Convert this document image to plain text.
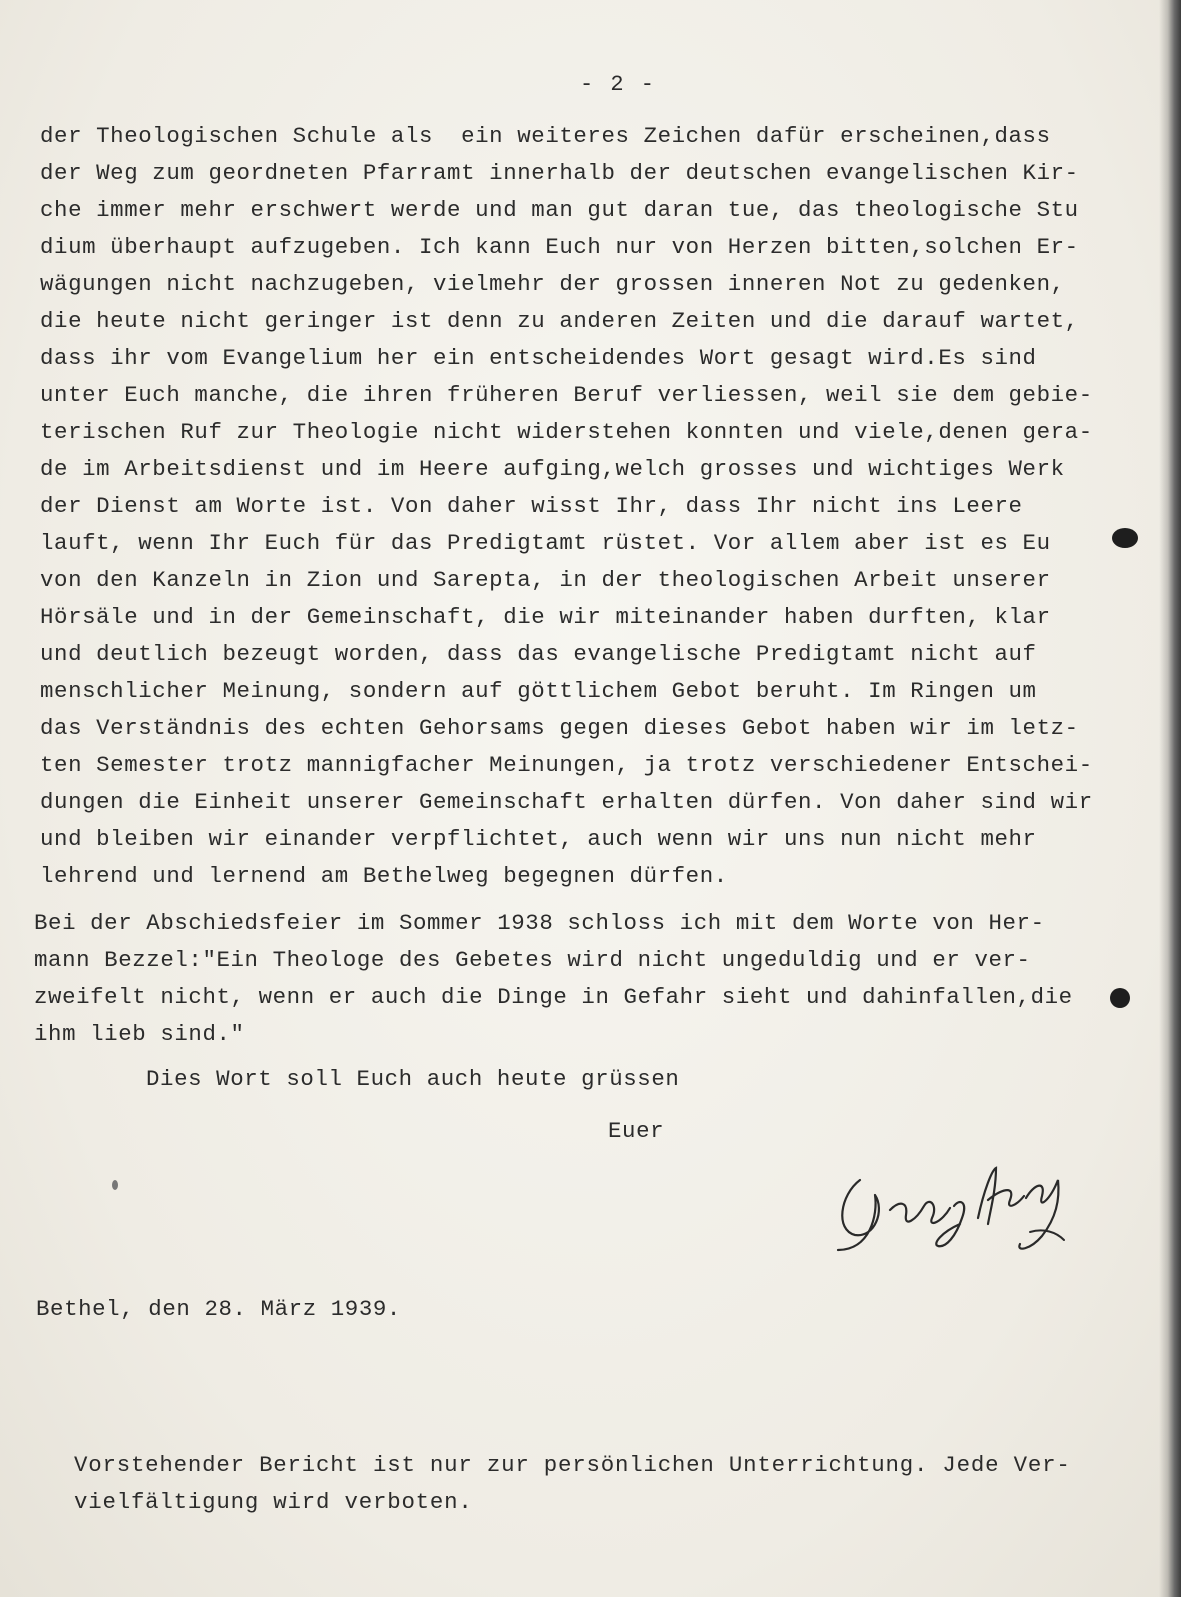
- 2 -
der Theologischen Schule als  ein weiteres Zeichen dafür erscheinen,dass
der Weg zum geordneten Pfarramt innerhalb der deutschen evangelischen Kir-
che immer mehr erschwert werde und man gut daran tue, das theologische Stu
dium überhaupt aufzugeben. Ich kann Euch nur von Herzen bitten,solchen Er-
wägungen nicht nachzugeben, vielmehr der grossen inneren Not zu gedenken,
die heute nicht geringer ist denn zu anderen Zeiten und die darauf wartet,
dass ihr vom Evangelium her ein entscheidendes Wort gesagt wird.Es sind
unter Euch manche, die ihren früheren Beruf verliessen, weil sie dem gebie-
terischen Ruf zur Theologie nicht widerstehen konnten und viele,denen gera-
de im Arbeitsdienst und im Heere aufging,welch grosses und wichtiges Werk
der Dienst am Worte ist. Von daher wisst Ihr, dass Ihr nicht ins Leere
lauft, wenn Ihr Euch für das Predigtamt rüstet. Vor allem aber ist es Eu
von den Kanzeln in Zion und Sarepta, in der theologischen Arbeit unserer
Hörsäle und in der Gemeinschaft, die wir miteinander haben durften, klar
und deutlich bezeugt worden, dass das evangelische Predigtamt nicht auf
menschlicher Meinung, sondern auf göttlichem Gebot beruht. Im Ringen um
das Verständnis des echten Gehorsams gegen dieses Gebot haben wir im letz-
ten Semester trotz mannigfacher Meinungen, ja trotz verschiedener Entschei-
dungen die Einheit unserer Gemeinschaft erhalten dürfen. Von daher sind wir
und bleiben wir einander verpflichtet, auch wenn wir uns nun nicht mehr
lehrend und lernend am Bethelweg begegnen dürfen.
Bei der Abschiedsfeier im Sommer 1938 schloss ich mit dem Worte von Her-
mann Bezzel:"Ein Theologe des Gebetes wird nicht ungeduldig und er ver-
zweifelt nicht, wenn er auch die Dinge in Gefahr sieht und dahinfallen,die
ihm lieb sind."
Dies Wort soll Euch auch heute grüssen
Euer
Bethel, den 28. März 1939.
Vorstehender Bericht ist nur zur persönlichen Unterrichtung. Jede Ver-
vielfältigung wird verboten.
